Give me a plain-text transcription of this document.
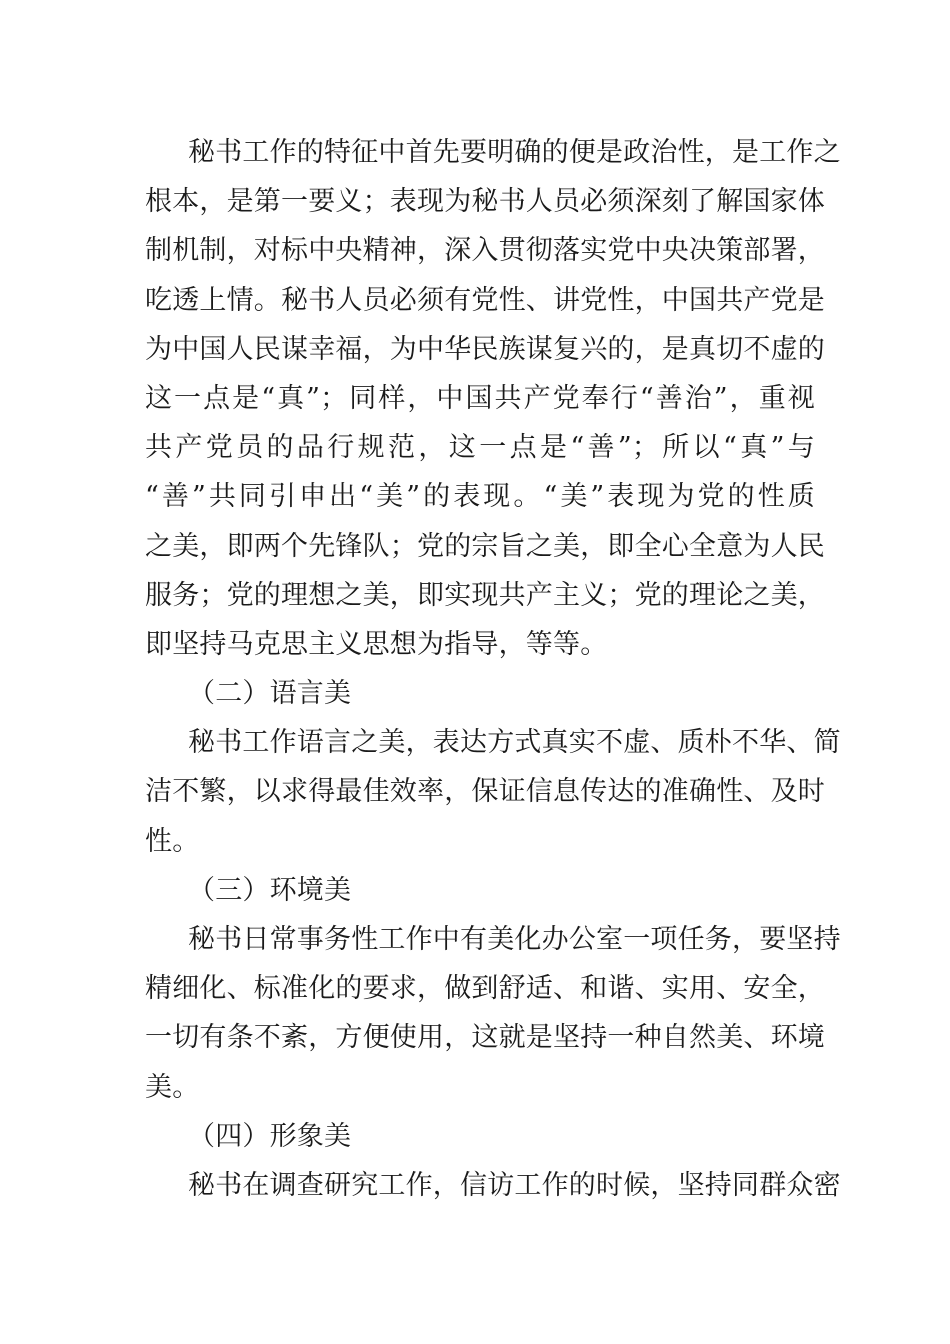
秘书工作的特征中首先要明确的便是政治性，是工作之
根本，是第一要义；表现为秘书人员必须深刻了解国家体
制机制，对标中央精神，深入贯彻落实党中央决策部署，
吃透上情。秘书人员必须有党性、讲党性，中国共产党是
为中国人民谋幸福，为中华民族谋复兴的，是真切不虚的
这一点是“真”；同样，中国共产党奉行“善治”，重视
共产党员的品行规范，这一点是“善”；所以“真”与
“善”共同引申出“美”的表现。“美”表现为党的性质
之美，即两个先锋队；党的宗旨之美，即全心全意为人民
服务；党的理想之美，即实现共产主义；党的理论之美，
即坚持马克思主义思想为指导，等等。
（二）语言美
秘书工作语言之美，表达方式真实不虚、质朴不华、简
洁不繁，以求得最佳效率，保证信息传达的准确性、及时
性。
（三）环境美
秘书日常事务性工作中有美化办公室一项任务，要坚持
精细化、标准化的要求，做到舒适、和谐、实用、安全，
一切有条不紊，方便使用，这就是坚持一种自然美、环境
美。
（四）形象美
秘书在调查研究工作，信访工作的时候，坚持同群众密
